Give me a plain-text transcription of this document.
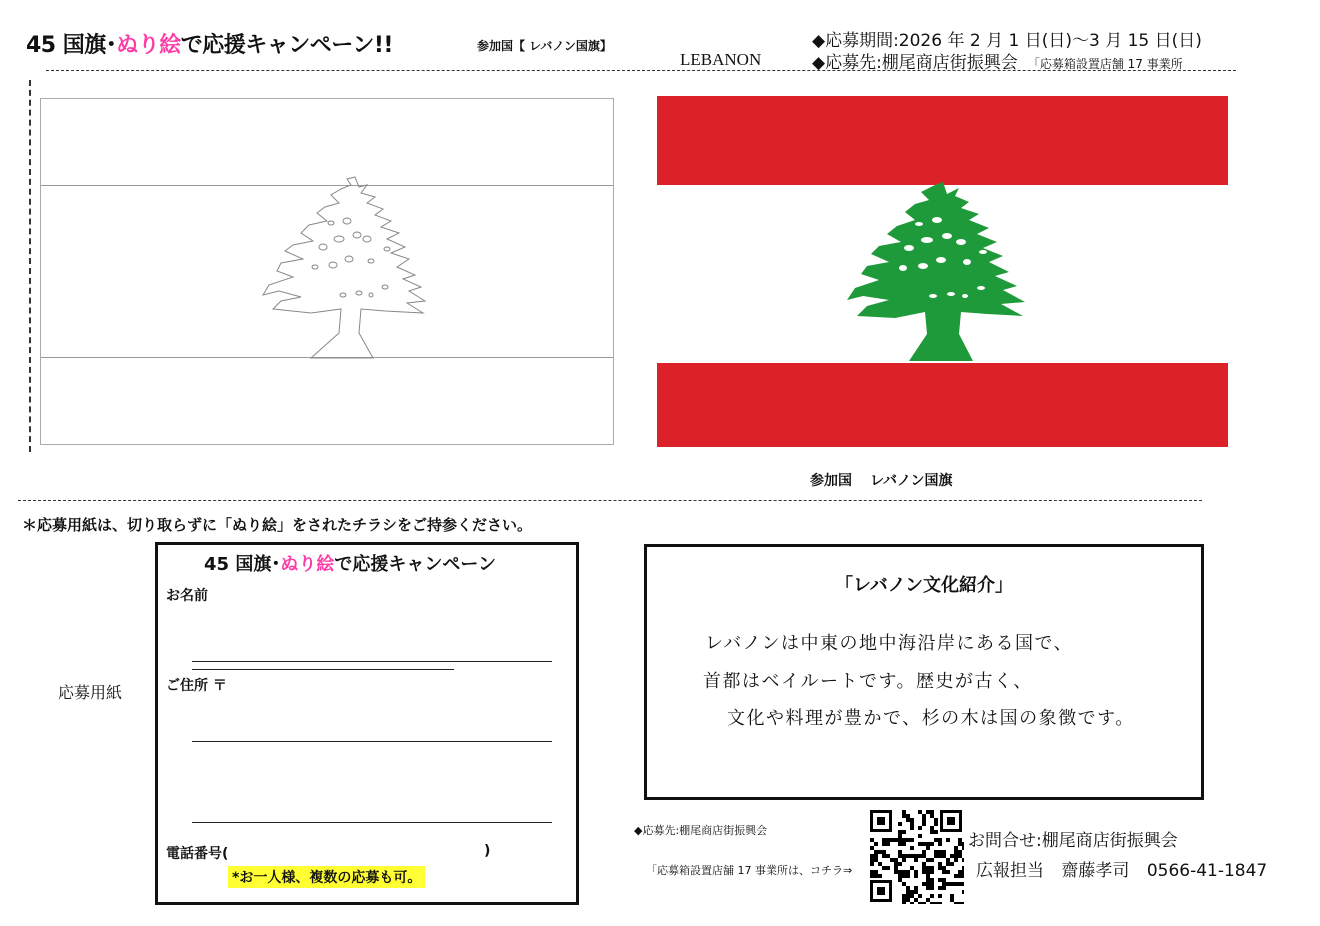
45 国旗･ぬり絵で応援キャンペーン!!	参加国【 レバノン国旗】
LEBANON
◆応募期間:2026 年 2 月 1 日(日)～3 月 15 日(日)
◆応募先:棚尾商店街振興会 「応募箱設置店舗 17 事業所
参加国 レバノン国旗
＊応募用紙は、切り取らずに「ぬり絵」をされたチラシをご持参ください。
応募用紙
45 国旗･ぬり絵で応援キャンペーン
お名前
ご住所 〒
電話番号(	)
*お一人様、複数の応募も可。
「レバノン文化紹介」
レバノンは中東の地中海沿岸にある国で、
首都はベイルートです。歴史が古く、
文化や料理が豊かで、杉の木は国の象徴です。
◆応募先:棚尾商店街振興会
「応募箱設置店舗 17 事業所は、コチラ⇒
お問合せ:棚尾商店街振興会
広報担当 齋藤孝司 0566-41-1847
